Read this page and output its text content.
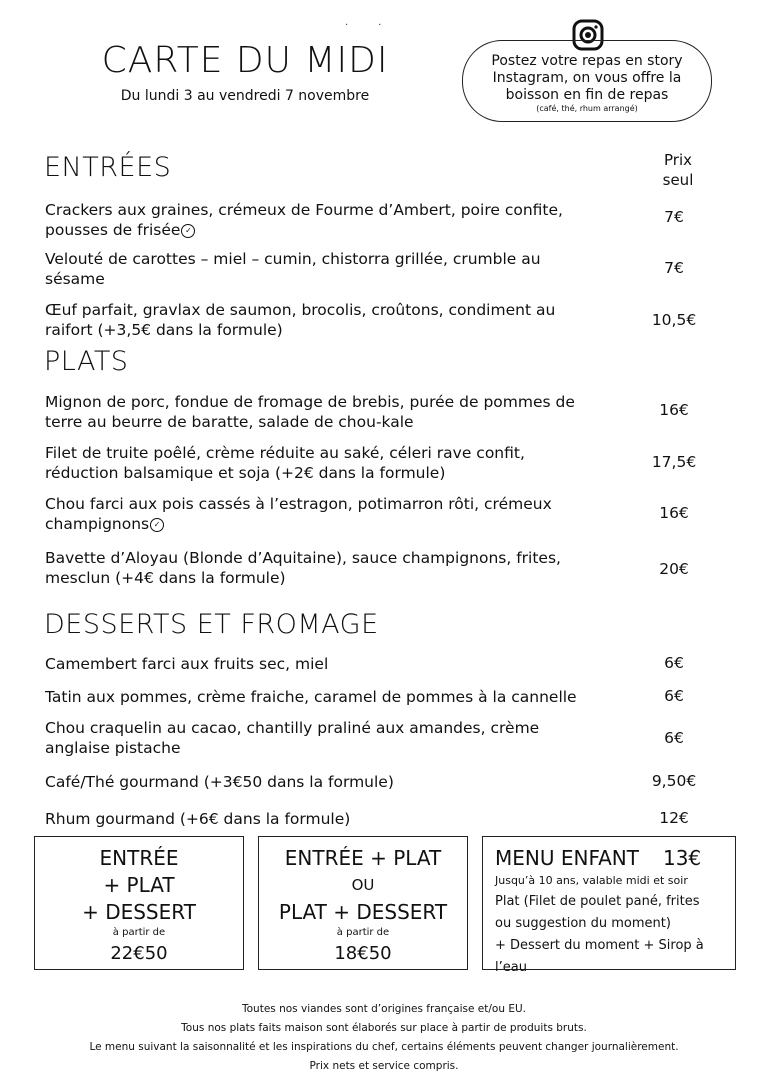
··
CARTE DU MIDI
Du lundi 3 au vendredi 7 novembre
Postez votre repas en story
Instagram, on vous offre la
boisson en fin de repas
(café, thé, rhum arrangé)
Prix
seul
ENTRÉES
Crackers aux graines, crémeux de Fourme d’Ambert, poire confite,
pousses de frisée ✓
7€
Velouté de carottes – miel – cumin, chistorra grillée, crumble au
sésame
7€
Œuf parfait, gravlax de saumon, brocolis, croûtons, condiment au
raifort (+3,5€ dans la formule)
10,5€
PLATS
Mignon de porc, fondue de fromage de brebis, purée de pommes de
terre au beurre de baratte, salade de chou-kale
16€
Filet de truite poêlé, crème réduite au saké, céleri rave confit,
réduction balsamique et soja (+2€ dans la formule)
17,5€
Chou farci aux pois cassés à l’estragon, potimarron rôti, crémeux
champignons ✓
16€
Bavette d’Aloyau (Blonde d’Aquitaine), sauce champignons, frites,
mesclun (+4€ dans la formule)	20€
DESSERTS ET FROMAGE
Camembert farci aux fruits sec, miel	6€
Tatin aux pommes, crème fraiche, caramel de pommes à la cannelle	6€
Chou craquelin au cacao, chantilly praliné aux amandes, crème
anglaise pistache
6€
Café/Thé gourmand (+3€50 dans la formule)	9,50€
Rhum gourmand (+6€ dans la formule)	12€
ENTRÉE
+ PLAT
+ DESSERT
à partir de
22€50
ENTRÉE + PLAT
OU
PLAT + DESSERT
à partir de
18€50
MENU ENFANT 13€
Jusqu’à 10 ans, valable midi et soir
Plat (Filet de poulet pané, frites
ou suggestion du moment)
+ Dessert du moment + Sirop à l’eau
Toutes nos viandes sont d’origines française et/ou EU.
Tous nos plats faits maison sont élaborés sur place à partir de produits bruts.
Le menu suivant la saisonnalité et les inspirations du chef, certains éléments peuvent changer journalièrement.
Prix nets et service compris.
